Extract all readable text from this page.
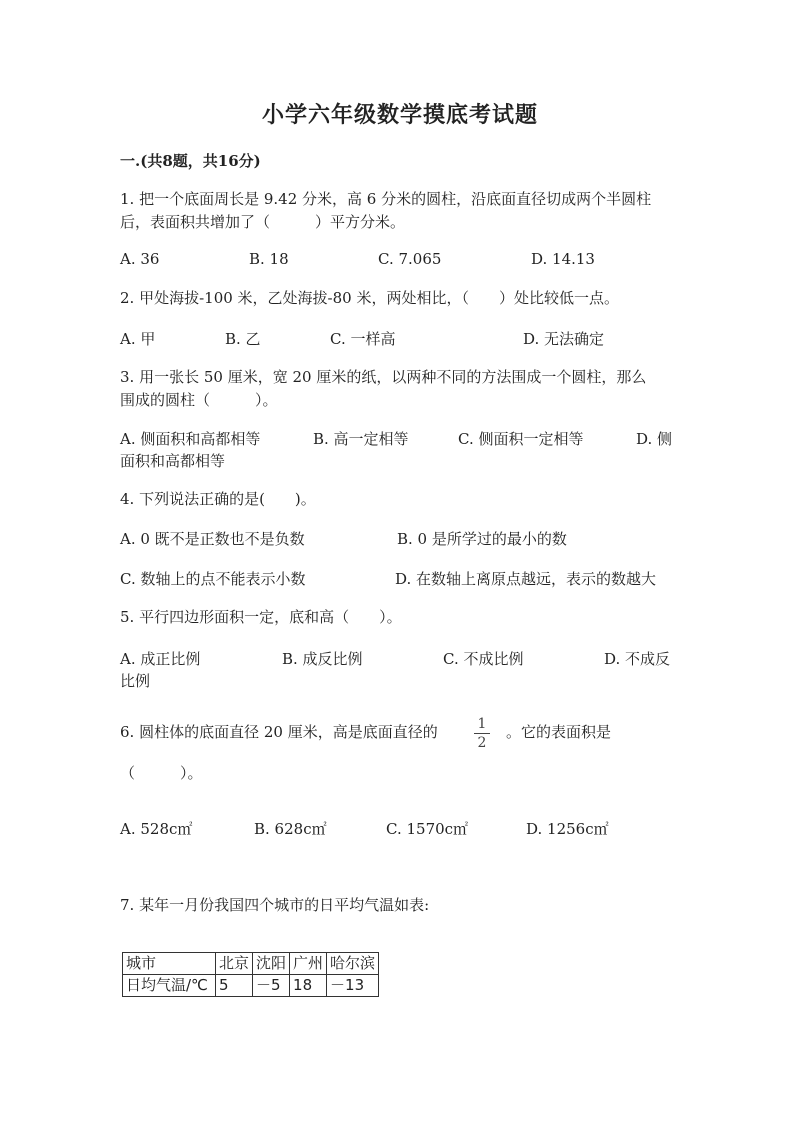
小学六年级数学摸底考试题
一.(共8题，共16分)
1. 把一个底面周长是 9.42 分米，高 6 分米的圆柱，沿底面直径切成两个半圆柱
后，表面积共增加了（　　　）平方分米。
A. 36	B. 18	C. 7.065	D. 14.13
2. 甲处海拔-100 米，乙处海拔-80 米，两处相比，（　　）处比较低一点。
A. 甲	B. 乙	C. 一样高	D. 无法确定
3. 用一张长 50 厘米，宽 20 厘米的纸，以两种不同的方法围成一个圆柱，那么
围成的圆柱（　　　）。
A. 侧面积和高都相等	B. 高一定相等	C. 侧面积一定相等	D. 侧
面积和高都相等
4. 下列说法正确的是(　　)。
A. 0 既不是正数也不是负数	B. 0 是所学过的最小的数
C. 数轴上的点不能表示小数	D. 在数轴上离原点越远，表示的数越大
5. 平行四边形面积一定，底和高（　　）。
A. 成正比例	B. 成反比例	C. 不成比例	D. 不成反
比例
6. 圆柱体的底面直径 20 厘米，高是底面直径的	1
2
。它的表面积是
（　　　）。
A. 528c㎡	B. 628c㎡	C. 1570c㎡	D. 1256c㎡
7. 某年一月份我国四个城市的日平均气温如表:
城市	北京	沈阳	广州	哈尔滨
日均气温/℃	5	－5	18	－13
